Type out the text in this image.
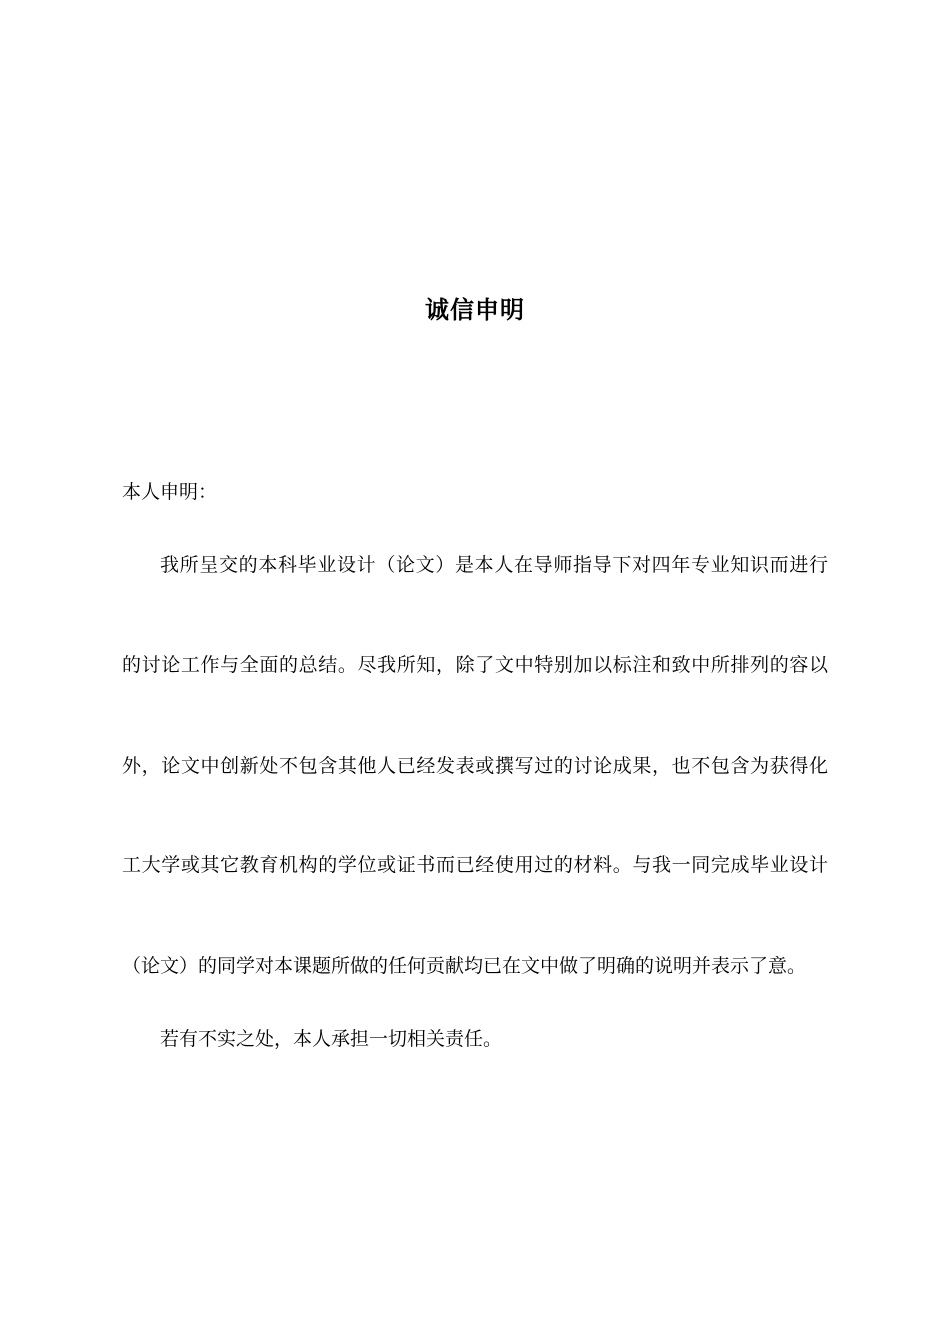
诚信申明
本人申明：
我所呈交的本科毕业设计（论文）是本人在导师指导下对四年专业知识而进行
的讨论工作与全面的总结。尽我所知，除了文中特别加以标注和致中所排列的容以
外，论文中创新处不包含其他人已经发表或撰写过的讨论成果，也不包含为获得化
工大学或其它教育机构的学位或证书而已经使用过的材料。与我一同完成毕业设计
（论文）的同学对本课题所做的任何贡献均已在文中做了明确的说明并表示了意。
若有不实之处，本人承担一切相关责任。
